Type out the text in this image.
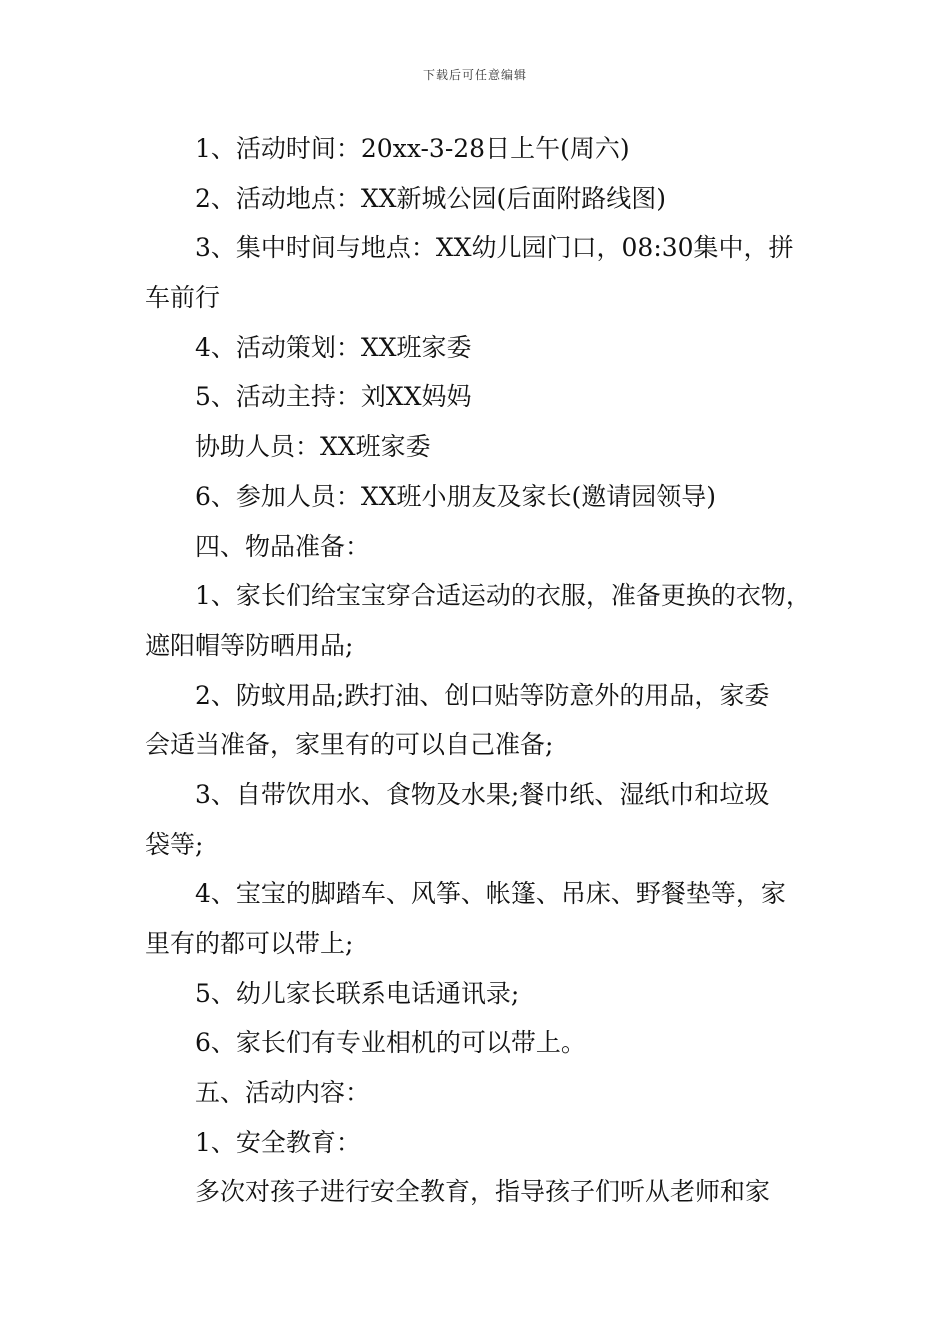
下载后可任意编辑
1、活动时间：20xx-3-28日上午(周六)
2、活动地点：XX新城公园(后面附路线图)
3、集中时间与地点：XX幼儿园门口，08:30集中，拼
车前行
4、活动策划：XX班家委
5、活动主持：刘XX妈妈
协助人员：XX班家委
6、参加人员：XX班小朋友及家长(邀请园领导)
四、物品准备：
1、家长们给宝宝穿合适运动的衣服，准备更换的衣物，
遮阳帽等防晒用品;
2、防蚊用品;跌打油、创口贴等防意外的用品，家委
会适当准备，家里有的可以自己准备;
3、自带饮用水、食物及水果;餐巾纸、湿纸巾和垃圾
袋等;
4、宝宝的脚踏车、风筝、帐篷、吊床、野餐垫等，家
里有的都可以带上;
5、幼儿家长联系电话通讯录;
6、家长们有专业相机的可以带上。
五、活动内容：
1、安全教育：
多次对孩子进行安全教育，指导孩子们听从老师和家
